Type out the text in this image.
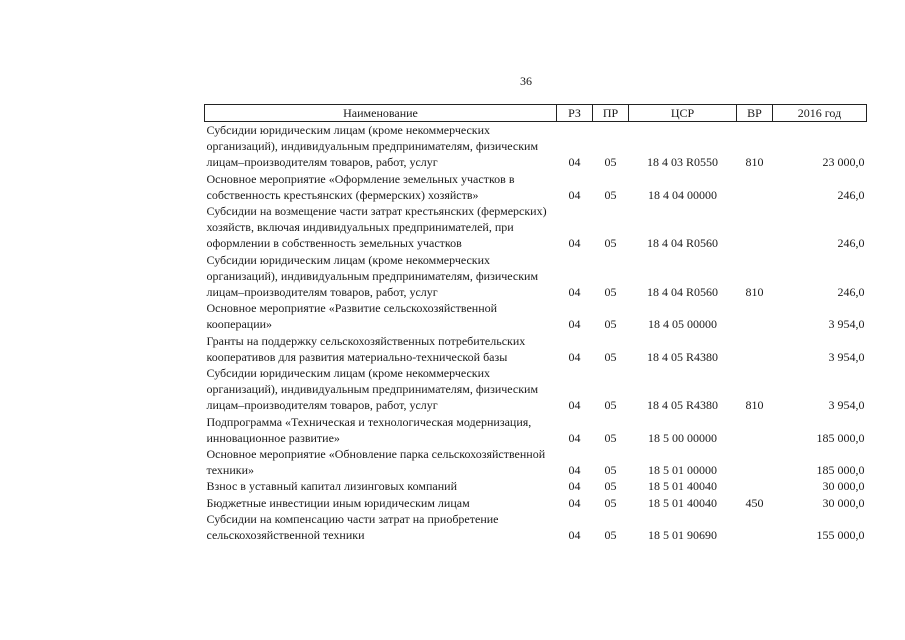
36
Наименование	РЗ	ПР	ЦСР	ВР	2016 год
Субсидии юридическим лицам (кроме некоммерческих организаций), индивидуальным предпринимателям, физическим лицам–производителям товаров, работ, услуг	04	05	18 4 03 R0550	810	23 000,0
Основное мероприятие «Оформление земельных участков в собственность крестьянских (фермерских) хозяйств»	04	05	18 4 04 00000		246,0
Субсидии на возмещение части затрат крестьянских (фермерских) хозяйств, включая индивидуальных предпринимателей, при оформлении в собственность земельных участков	04	05	18 4 04 R0560		246,0
Субсидии юридическим лицам (кроме некоммерческих организаций), индивидуальным предпринимателям, физическим лицам–производителям товаров, работ, услуг	04	05	18 4 04 R0560	810	246,0
Основное мероприятие «Развитие сельскохозяйственной кооперации»	04	05	18 4 05 00000		3 954,0
Гранты на поддержку сельскохозяйственных потребительских кооперативов для развития материально-технической базы	04	05	18 4 05 R4380		3 954,0
Субсидии юридическим лицам (кроме некоммерческих организаций), индивидуальным предпринимателям, физическим лицам–производителям товаров, работ, услуг	04	05	18 4 05 R4380	810	3 954,0
Подпрограмма «Техническая и технологическая модернизация, инновационное развитие»	04	05	18 5 00 00000		185 000,0
Основное мероприятие «Обновление парка сельскохозяйственной техники»	04	05	18 5 01 00000		185 000,0
Взнос в уставный капитал лизинговых компаний	04	05	18 5 01 40040		30 000,0
Бюджетные инвестиции иным юридическим лицам	04	05	18 5 01 40040	450	30 000,0
Субсидии на компенсацию части затрат на приобретение сельскохозяйственной техники	04	05	18 5 01 90690		155 000,0
